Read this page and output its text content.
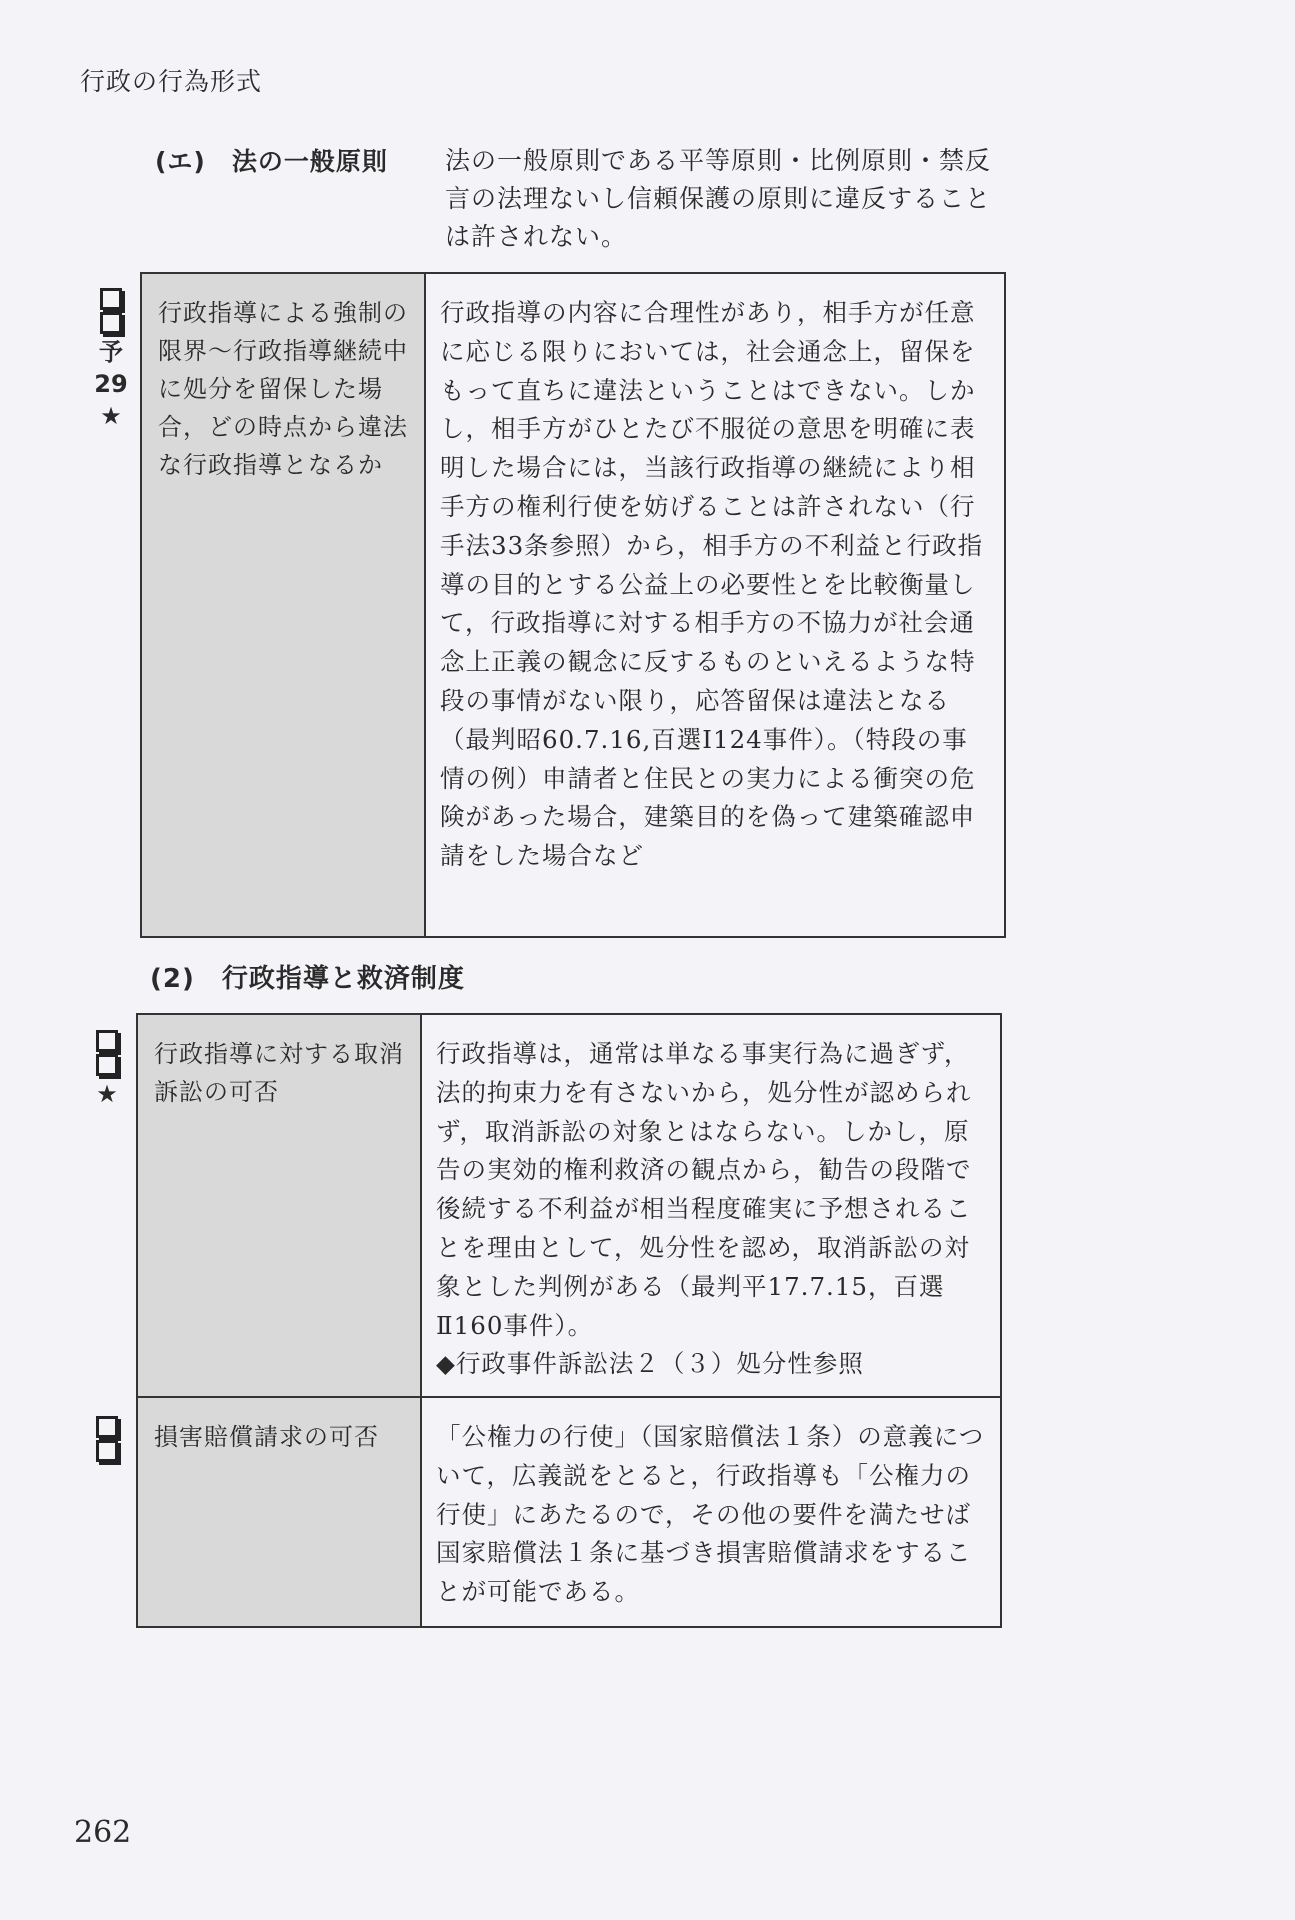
行政の行為形式
(エ)　法の一般原則 法の一般原則である平等原則・比例原則・禁反言の法理ないし信頼保護の原則に違反することは許されない。
予
29
★
行政指導による強制の限界～行政指導継続中に処分を留保した場合，どの時点から違法な行政指導となるか
行政指導の内容に合理性があり，相手方が任意に応じる限りにおいては，社会通念上，留保をもって直ちに違法ということはできない。しかし，相手方がひとたび不服従の意思を明確に表明した場合には，当該行政指導の継続により相手方の権利行使を妨げることは許されない（行手法33条参照）から，相手方の不利益と行政指導の目的とする公益上の必要性とを比較衡量して，行政指導に対する相手方の不協力が社会通念上正義の観念に反するものといえるような特段の事情がない限り，応答留保は違法となる（最判昭60.7.16,百選Ⅰ124事件）。（特段の事情の例）申請者と住民との実力による衝突の危険があった場合，建築目的を偽って建築確認申請をした場合など
(2)　行政指導と救済制度
★
行政指導に対する取消訴訟の可否
行政指導は，通常は単なる事実行為に過ぎず，法的拘束力を有さないから，処分性が認められず，取消訴訟の対象とはならない。しかし，原告の実効的権利救済の観点から，勧告の段階で後続する不利益が相当程度確実に予想されることを理由として，処分性を認め，取消訴訟の対象とした判例がある（最判平17.7.15，百選Ⅱ160事件）。
◆行政事件訴訟法２（３）処分性参照
損害賠償請求の可否	「公権力の行使」（国家賠償法１条）の意義について，広義説をとると，行政指導も「公権力の行使」にあたるので，その他の要件を満たせば国家賠償法１条に基づき損害賠償請求をすることが可能である。
262
